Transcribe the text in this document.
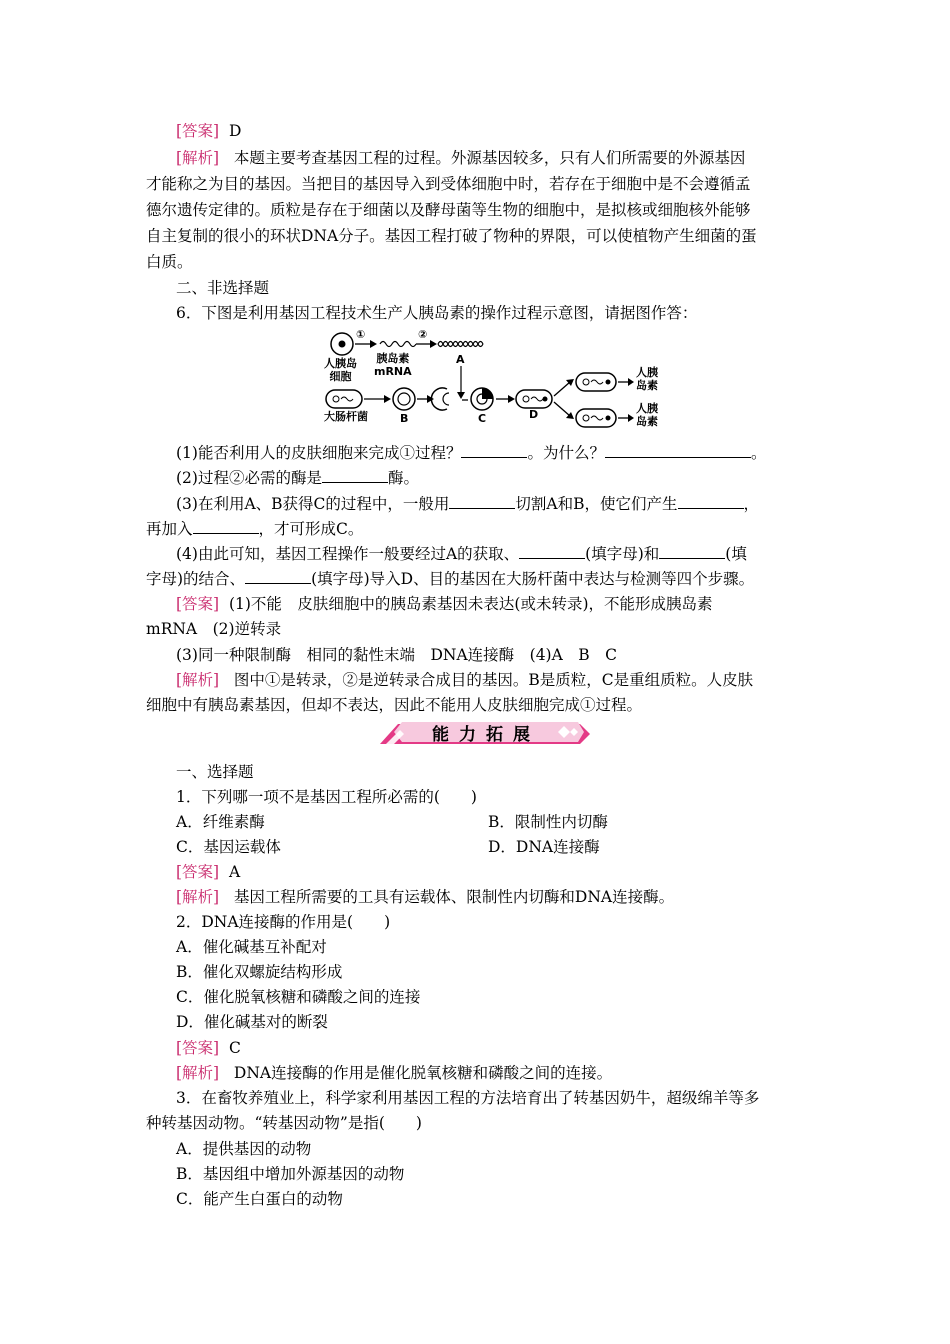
[答案] D
[解析] 本题主要考查基因工程的过程。外源基因较多，只有人们所需要的外源基因
才能称之为目的基因。当把目的基因导入到受体细胞中时，若存在于细胞中是不会遵循孟
德尔遗传定律的。质粒是存在于细菌以及酵母菌等生物的细胞中，是拟核或细胞核外能够
自主复制的很小的环状DNA分子。基因工程打破了物种的界限，可以使植物产生细菌的蛋
白质。
二、非选择题
6．下图是利用基因工程技术生产人胰岛素的操作过程示意图，请据图作答：
①	②
人胰岛
细胞
胰岛素
mRNA
A
大肠杆菌	B	C	D
人胰
岛素
人胰
岛素
(1)能否利用人的皮肤细胞来完成①过程？	。为什么？	。
(2)过程②必需的酶是	酶。
(3)在利用A、B获得C的过程中，一般用	切割A和B，使它们产生	，
再加入	，才可形成C。
(4)由此可知，基因工程操作一般要经过A的获取、	(填字母)和	(填
字母)的结合、	(填字母)导入D、目的基因在大肠杆菌中表达与检测等四个步骤。
[答案] (1)不能　皮肤细胞中的胰岛素基因未表达(或未转录)，不能形成胰岛素
mRNA　(2)逆转录
(3)同一种限制酶　相同的黏性末端　DNA连接酶　(4)A　B　C
[解析] 图中①是转录，②是逆转录合成目的基因。B是质粒，C是重组质粒。人皮肤
细胞中有胰岛素基因，但却不表达，因此不能用人皮肤细胞完成①过程。
能力拓展
一、选择题
1．下列哪一项不是基因工程所必需的(　　)
A．纤维素酶	B．限制性内切酶
C．基因运载体	D．DNA连接酶
[答案] A
[解析] 基因工程所需要的工具有运载体、限制性内切酶和DNA连接酶。
2．DNA连接酶的作用是(　　)
A．催化碱基互补配对
B．催化双螺旋结构形成
C．催化脱氧核糖和磷酸之间的连接
D．催化碱基对的断裂
[答案] C
[解析] DNA连接酶的作用是催化脱氧核糖和磷酸之间的连接。
3．在畜牧养殖业上，科学家利用基因工程的方法培育出了转基因奶牛，超级绵羊等多
种转基因动物。“转基因动物”是指(　　)
A．提供基因的动物
B．基因组中增加外源基因的动物
C．能产生白蛋白的动物
